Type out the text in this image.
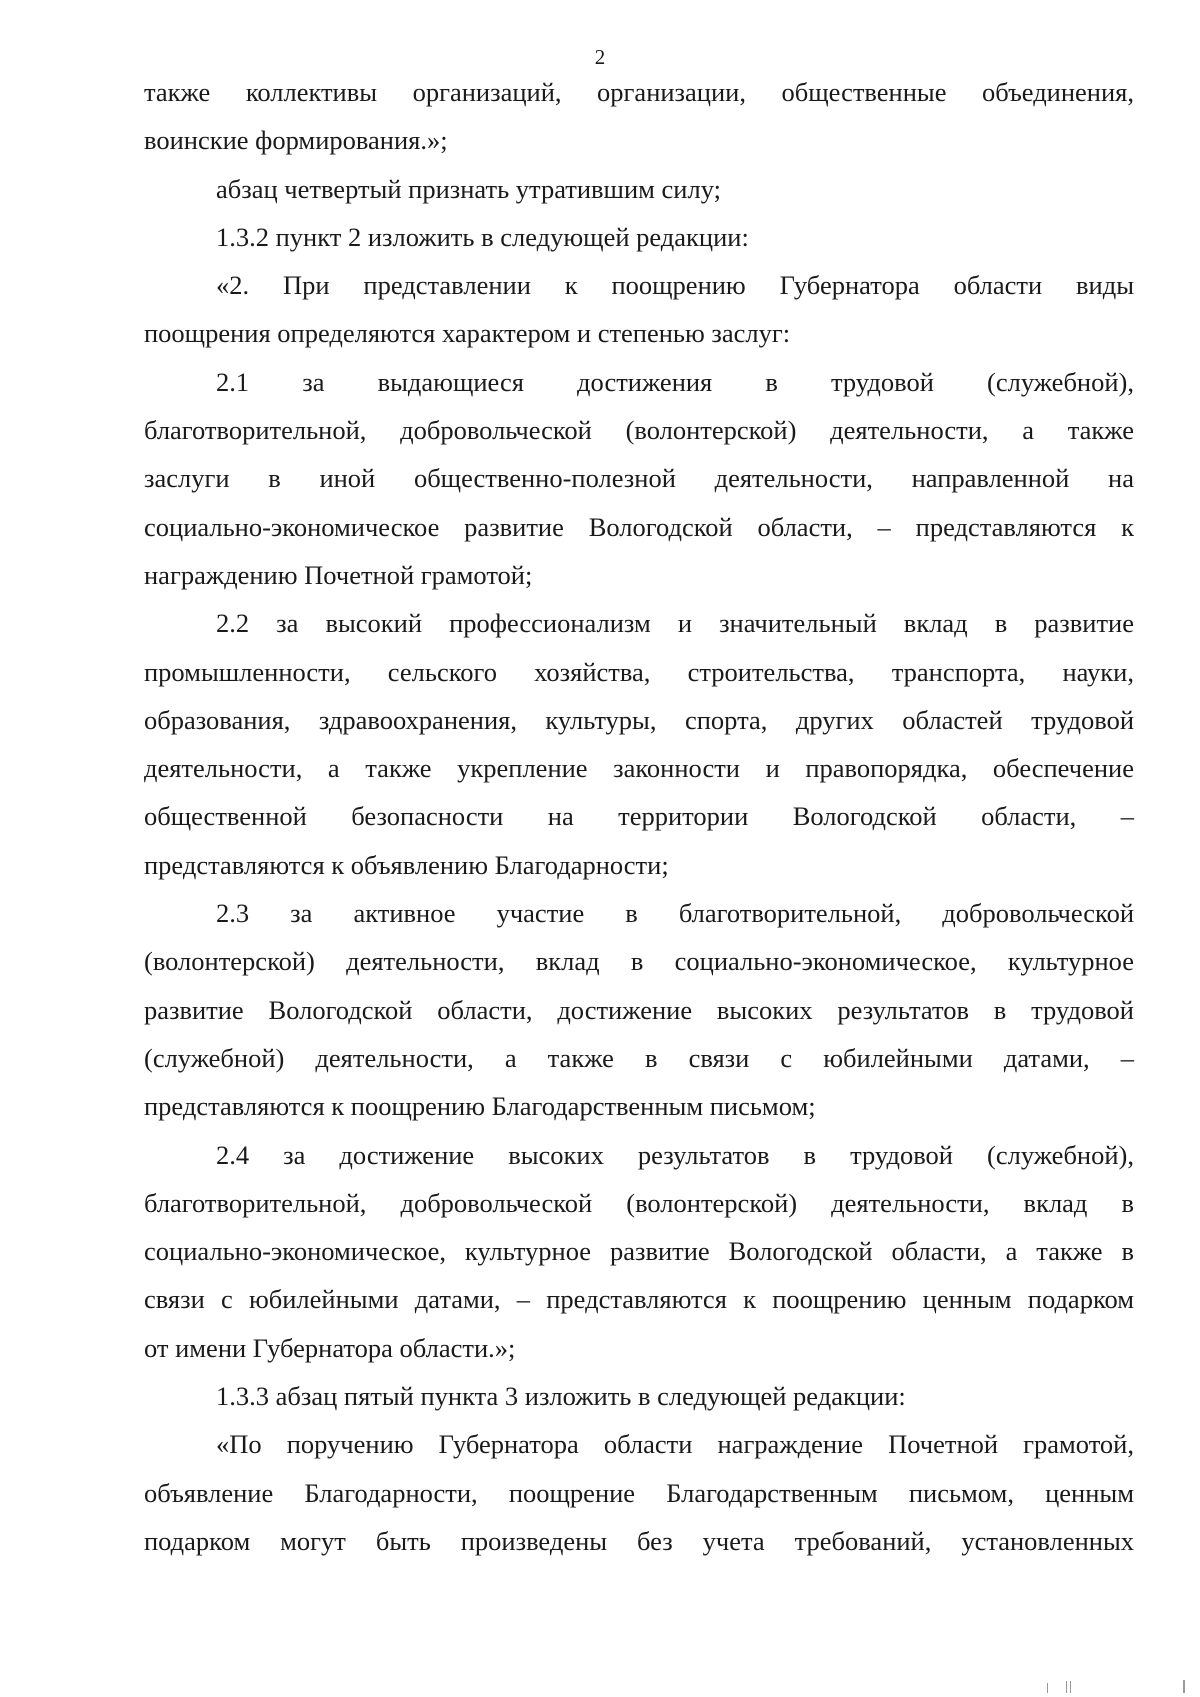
2
также коллективы организаций, организации, общественные объединения,
воинские формирования.»;
абзац четвертый признать утратившим силу;
1.3.2 пункт 2 изложить в следующей редакции:
«2. При представлении к поощрению Губернатора области виды
поощрения определяются характером и степенью заслуг:
2.1 за выдающиеся достижения в трудовой (служебной),
благотворительной, добровольческой (волонтерской) деятельности, а также
заслуги в иной общественно-полезной деятельности, направленной на
социально-экономическое развитие Вологодской области, – представляются к
награждению Почетной грамотой;
2.2 за высокий профессионализм и значительный вклад в развитие
промышленности, сельского хозяйства, строительства, транспорта, науки,
образования, здравоохранения, культуры, спорта, других областей трудовой
деятельности, а также укрепление законности и правопорядка, обеспечение
общественной безопасности на территории Вологодской области, –
представляются к объявлению Благодарности;
2.3 за активное участие в благотворительной, добровольческой
(волонтерской) деятельности, вклад в социально-экономическое, культурное
развитие Вологодской области, достижение высоких результатов в трудовой
(служебной) деятельности, а также в связи с юбилейными датами, –
представляются к поощрению Благодарственным письмом;
2.4 за достижение высоких результатов в трудовой (служебной),
благотворительной, добровольческой (волонтерской) деятельности, вклад в
социально-экономическое, культурное развитие Вологодской области, а также в
связи с юбилейными датами, – представляются к поощрению ценным подарком
от имени Губернатора области.»;
1.3.3 абзац пятый пункта 3 изложить в следующей редакции:
«По поручению Губернатора области награждение Почетной грамотой,
объявление Благодарности, поощрение Благодарственным письмом, ценным
подарком могут быть произведены без учета требований, установленных
